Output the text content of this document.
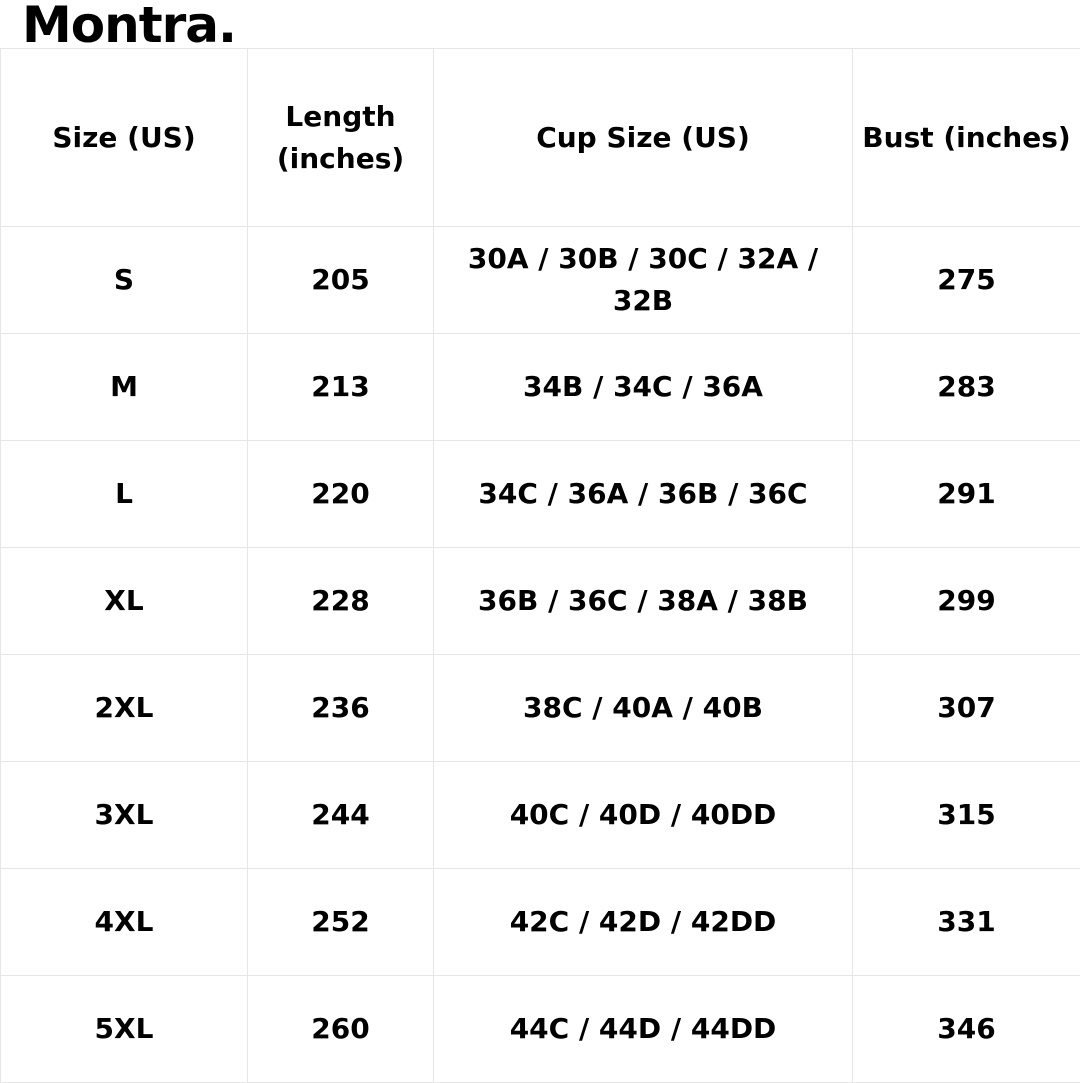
Montra.
Size (US)	Length (inches)	Cup Size (US)	Bust (inches)
S	205	30A / 30B / 30C / 32A / 32B	275
M	213	34B / 34C / 36A	283
L	220	34C / 36A / 36B / 36C	291
XL	228	36B / 36C / 38A / 38B	299
2XL	236	38C / 40A / 40B	307
3XL	244	40C / 40D / 40DD	315
4XL	252	42C / 42D / 42DD	331
5XL	260	44C / 44D / 44DD	346
